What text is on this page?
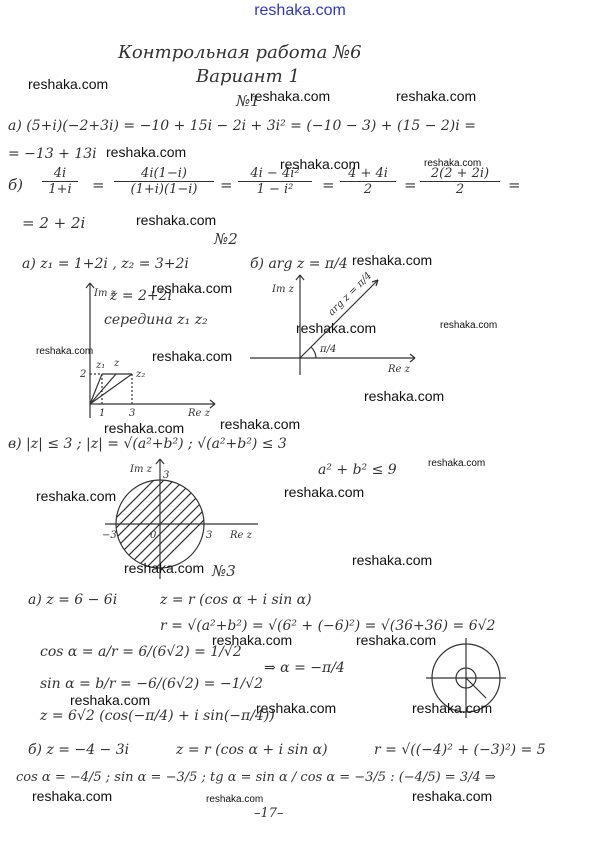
reshaka.com
Контрольная работа №6
Вариант 1
№1
а) (5+i)(−2+3i) = −10 + 15i − 2i + 3i² = (−10 − 3) + (15 − 2)i =
= −13 + 13i
б)
4i
1+i	=
4i(1−i)
(1+i)(1−i)	=
4i − 4i²
1 − i²	=
4 + 4i
2	=
2(2 + 2i)
2	=
= 2 + 2i
№2
а) z₁ = 1+2i , z₂ = 3+2i
z = 2+2i
середина z₁ z₂
б) arg z = π/4
Im z
Re z
1 3
2
z₁ z
z₂
Im z
Re z
π/4
arg z = π/4
в) |z| ≤ 3 ; |z| = √(a²+b²) ; √(a²+b²) ≤ 3
a² + b² ≤ 9
Im z
Re z
−3	0	3
3
№3
а) z = 6 − 6i	z = r (cos α + i sin α)
r = √(a²+b²) = √(6² + (−6)²) = √(36+36) = 6√2
cos α = a/r = 6/(6√2) = 1/√2
sin α = b/r = −6/(6√2) = −1/√2
⇒ α = −π/4
z = 6√2 (cos(−π/4) + i sin(−π/4))
б) z = −4 − 3i	z = r (cos α + i sin α)	r = √((−4)² + (−3)²) = 5
cos α = −4/5 ; sin α = −3/5 ; tg α = sin α / cos α = −3/5 : (−4/5) = 3/4 ⇒
–17–
reshaka.com
reshaka.com	reshaka.com
reshaka.com
reshaka.com	reshaka.com
reshaka.com
reshaka.com
reshaka.com
reshaka.com	reshaka.com
reshaka.com	reshaka.com
reshaka.com
reshaka.com
reshaka.com
reshaka.com
reshaka.com	reshaka.com
reshaka.com
reshaka.com
reshaka.com	reshaka.com
reshaka.com	reshaka.com	reshaka.com
reshaka.com	reshaka.com	reshaka.com
